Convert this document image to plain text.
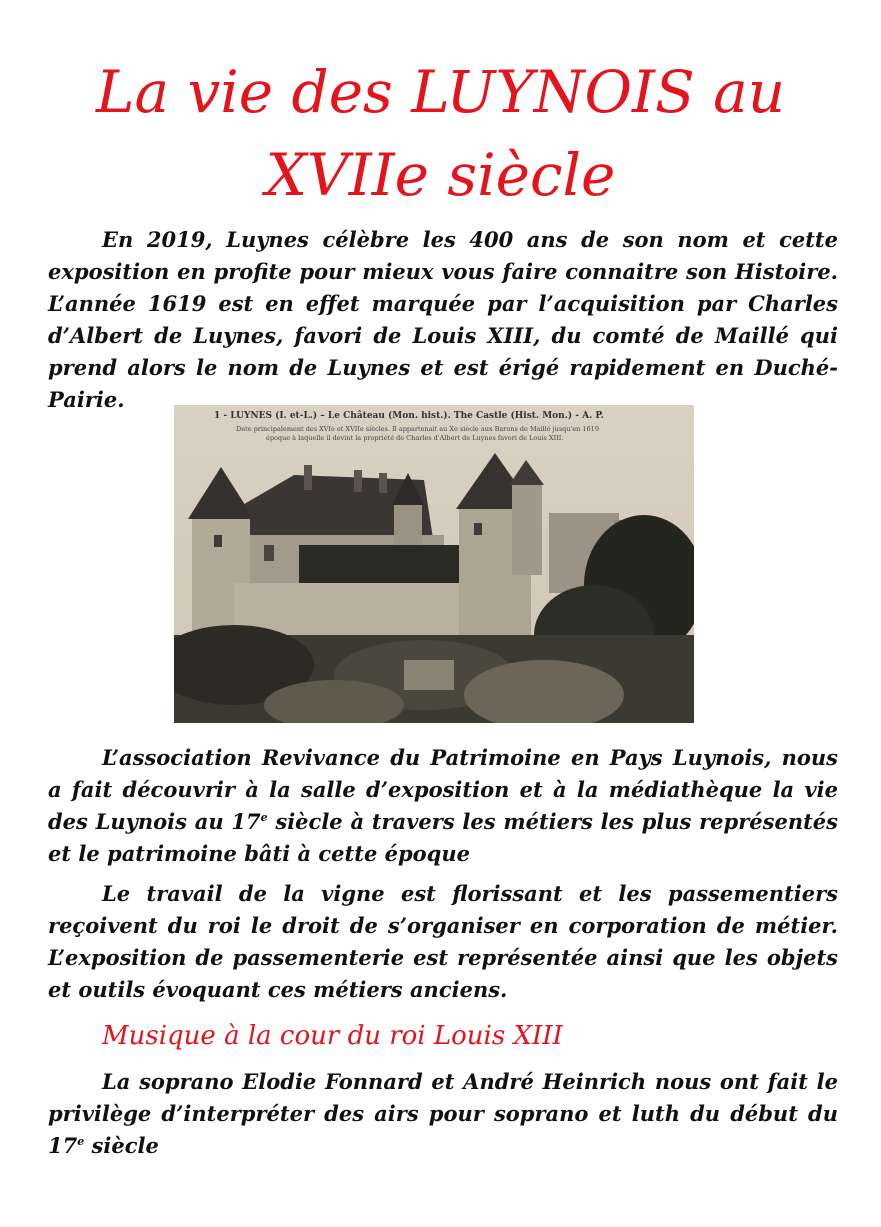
La vie des LUYNOIS au
XVIIe siècle
En 2019, Luynes célèbre les 400 ans de son nom et cette exposition en profite pour mieux vous faire connaitre son Histoire. L’année 1619 est en effet marquée par l’acquisition par Charles d’Albert de Luynes, favori de Louis XIII, du comté de Maillé qui prend alors le nom de Luynes et est érigé rapidement en Duché-Pairie.
1 - LUYNES (I. et-L.) – Le Château (Mon. hist.). The Castle (Hist. Mon.) - A. P.
Date principalement des XVIe et XVIIe siècles. Il appartenait au Xe siècle aux Barons de Maillé jusqu'en 1619
époque à laquelle il devint la propriété de Charles d'Albert de Luynes favori de Louis XIII.
L’association Revivance du Patrimoine en Pays Luynois, nous a fait découvrir à la salle d’exposition et à la médiathèque la vie des Luynois au 17e siècle à travers les métiers les plus représentés et le patrimoine bâti à cette époque
Le travail de la vigne est florissant et les passementiers reçoivent du roi le droit de s’organiser en corporation de métier. L’exposition de passementerie est représentée ainsi que les objets et outils évoquant ces métiers anciens.
Musique à la cour du roi Louis XIII
La soprano Elodie Fonnard et André Heinrich nous ont fait le privilège d’interpréter des airs pour soprano et luth du début du 17e siècle
